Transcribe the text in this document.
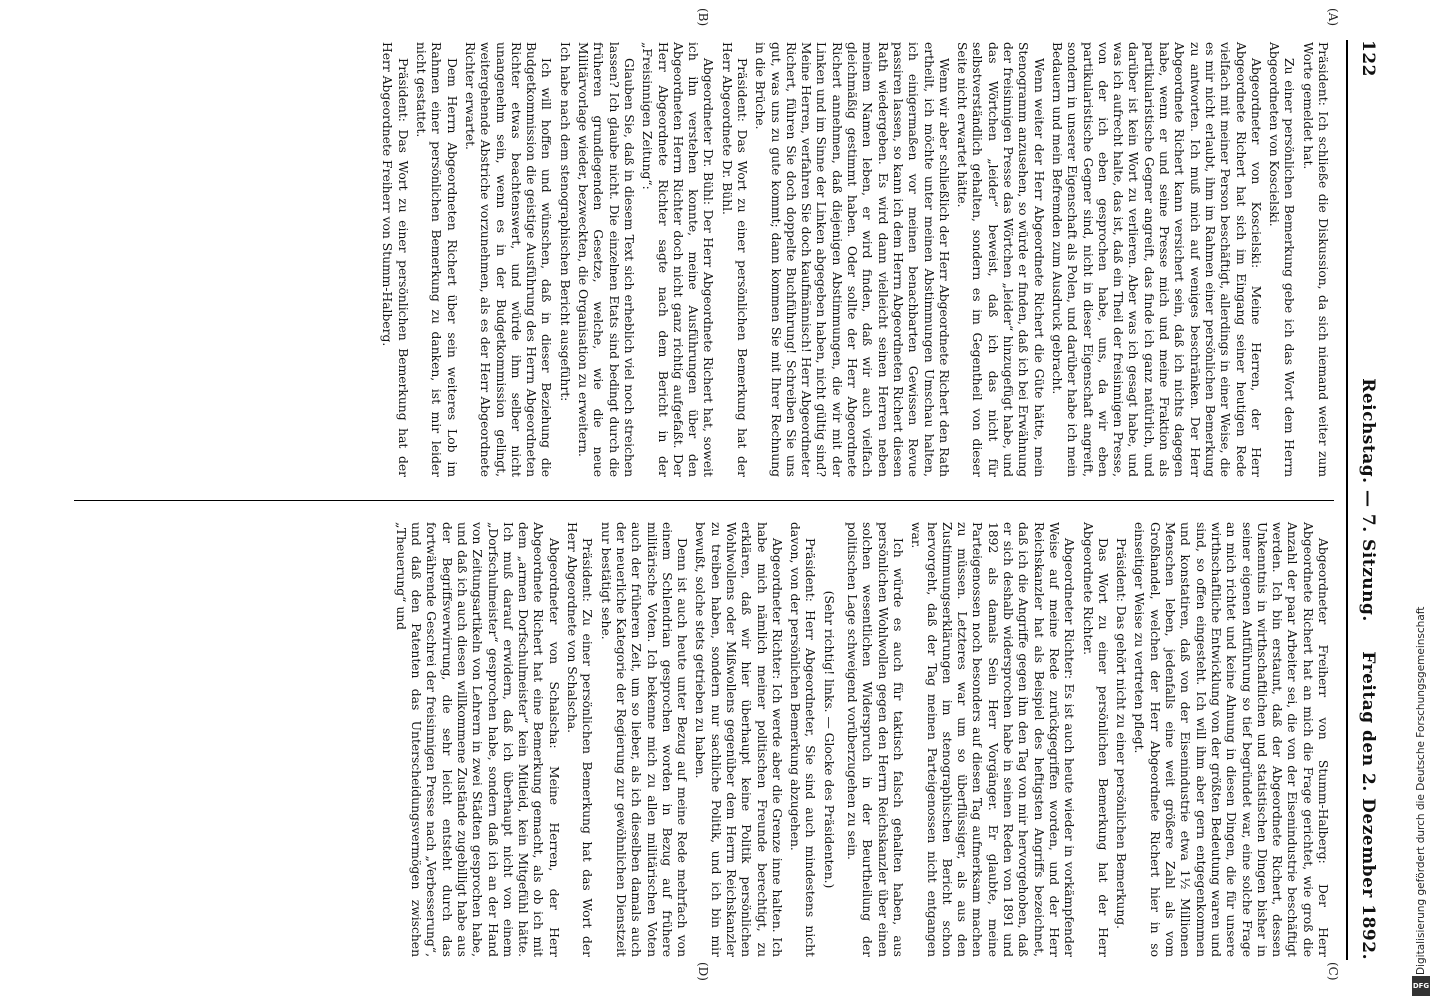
122
Reichstag. — 7. Sitzung.
Freitag den 2. Dezember 1892.
(A)
(B)
(C)
(D)

Präsident: Ich schließe die Diskussion, da sich niemand weiter zum Worte gemeldet hat.

Zu einer persönlichen Bemerkung gebe ich das Wort dem Herrn Abgeordneten von Koscielski.

Abgeordneter von Koscielski: Meine Herren, der Herr Abgeordnete Richert hat sich im Eingang seiner heutigen Rede vielfach mit meiner Person beschäftigt, allerdings in einer Weise, die es mir nicht erlaubt, ihm im Rahmen einer persönlichen Bemerkung zu antworten. Ich muß mich auf weniges beschränken. Der Herr Abgeordnete Richert kann versichert sein, daß ich nichts dagegen habe, wenn er und seine Presse mich und meine Fraktion als partikularistische Gegner angreift, das finde ich ganz natürlich, und darüber ist kein Wort zu verlieren. Aber was ich gesagt habe, und was ich aufrecht halte, das ist, daß ein Theil der freisinnigen Presse, von der ich eben gesprochen habe, uns, da wir eben partikularistische Gegner sind, nicht in dieser Eigenschaft angreift, sondern in unserer Eigenschaft als Polen, und darüber habe ich mein Bedauern und mein Befremden zum Ausdruck gebracht.

Wenn weiter der Herr Abgeordnete Richert die Güte hätte, mein Stenogramm anzusehen, so würde er finden, daß ich bei Erwähnung der freisinnigen Presse das Wörtchen „leider“ hinzugefügt habe, und das Wörtchen „leider“ beweist, daß ich das nicht für selbstverständlich gehalten, sondern es im Gegentheil von dieser Seite nicht erwartet hätte.

Wenn wir aber schließlich der Herr Abgeordnete Richert den Rath ertheilt, ich möchte unter meinen Abstimmungen Umschau halten, ich einigermaßen vor meinen benachbarten Gewissen Revue passiren lassen, so kann ich dem Herrn Abgeordneten Richert diesen Rath wiedergeben. Es wird dann vielleicht seinen Herren neben meinem Namen leben, er wird finden, daß wir auch vielfach gleichmäßig gestimmt haben. Oder sollte der Herr Abgeordnete Richert annehmen, daß diejenigen Abstimmungen, die wir mit der Linken und im Sinne der Linken abgegeben haben, nicht gültig sind? Meine Herren, verfahren Sie doch kaufmännisch! Herr Abgeordneter Richert, führen Sie doch doppelte Buchführung! Schreiben Sie uns gut, was uns zu gute kommt; dann kommen Sie mit Ihrer Rechnung in die Brüche.

Präsident: Das Wort zu einer persönlichen Bemerkung hat der Herr Abgeordnete Dr. Bühl.

Abgeordneter Dr. Bühl: Der Herr Abgeordnete Richert hat, soweit ich ihn verstehen konnte, meine Ausführungen über den Abgeordneten Herrn Richter doch nicht ganz richtig aufgefaßt. Der Herr Abgeordnete Richter sagte nach dem Bericht in der „Freisinnigen Zeitung“:

Glauben Sie, daß in diesem Text sich erheblich viel noch streichen lassen? Ich glaube nicht. Die einzelnen Etats sind bedingt durch die früheren grundlegenden Gesetze, welche, wie die neue Militärvorlage wieder, bezweckten, die Organisation zu erweitern.

Ich habe nach dem stenographischen Bericht ausgeführt:

Ich will hoffen und wünschen, daß in dieser Beziehung die Budgetkommission die geistige Ausführung des Herrn Abgeordneten Richter etwas beachtenswert, und würde ihm selber nicht unangenehm sein, wenn es in der Budgetkommission gelingt, weitergehende Abstriche vorzunehmen, als es der Herr Abgeordnete Richter erwartet.

Dem Herrn Abgeordneten Richert über sein weiteres Lob im Rahmen einer persönlichen Bemerkung zu danken, ist mir leider nicht gestattet.

Präsident: Das Wort zu einer persönlichen Bemerkung hat der Herr Abgeordnete Freiherr von Stumm-Halberg.

Abgeordneter Freiherr von Stumm-Halberg: Der Herr Abgeordnete Richert hat an mich die Frage gerichtet, wie groß die Anzahl der paar Arbeiter sei, die von der Eisenindustrie beschäftigt werden. Ich bin erstaunt, daß der Abgeordnete Richert, dessen Unkenntnis in wirthschaftlichen und statistischen Dingen bisher in seiner eigenen Antführung so tief begründet war, eine solche Frage an mich richtet und keine Ahnung in diesen Dingen, die für unsere wirthschaftliche Entwicklung von der größten Bedeutung waren und sind, so offen eingesteht. Ich will ihm aber gern entgegenkommen und konstatiren, daß von der Eisenindustrie etwa 1½ Millionen Menschen leben, jedenfalls eine weit größere Zahl als vom Großhandel, welchen der Herr Abgeordnete Richert hier in so einseitiger Weise zu vertreten pflegt.

Präsident: Das gehört nicht zu einer persönlichen Bemerkung.

Das Wort zu einer persönlichen Bemerkung hat der Herr Abgeordnete Richter.

Abgeordneter Richter: Es ist auch heute wieder in vorkämpfender Weise auf meine Rede zurückgegriffen worden, und der Herr Reichskanzler hat als Beispiel des heftigsten Angriffs bezeichnet, daß ich die Angriffe gegen ihn den Tag von mir hervorgehoben, daß er sich deshalb widersprochen habe in seinen Reden von 1891 und 1892 als damals Sein Herr Vorgänger. Er glaubte, meine Parteigenossen noch besonders auf diesen Tag aufmerksam machen zu müssen. Letzteres war um so überflüssiger, als aus den Zustimmungserklärungen im stenographischen Bericht schon hervorgeht, daß der Tag meinen Parteigenossen nicht entgangen war.

Ich würde es auch für taktisch falsch gehalten haben, aus persönlichen Wohlwollen gegen den Herrn Reichskanzler über einen solchen wesentlichen Widerspruch in der Beurtheilung der politischen Lage schweigend vorüberzugehen zu sein.

(Sehr richtig! links. — Glocke des Präsidenten.)

Präsident: Herr Abgeordneter, Sie sind auch mindestens nicht davon, von der persönlichen Bemerkung abzugehen.

Abgeordneter Richter: Ich werde aber die Grenze inne halten. Ich habe mich nämlich meiner politischen Freunde berechtigt, zu erklären, daß wir hier überhaupt keine Politik persönlichen Wohlwollens oder Mißwollens gegenüber dem Herrn Reichskanzler zu treiben haben, sondern nur sachliche Politik, und ich bin mir bewußt, solche stets getrieben zu haben.

Denn ist auch heute unter Bezug auf meine Rede mehrfach von einem Schlendrian gesprochen worden in Bezug auf frühere militärische Voten. Ich bekenne mich zu allen militärischen Voten auch der früheren Zeit, um so lieber, als ich dieselben damals auch der neuerliche Kategorie der Regierung zur gewöhnlichen Dienstzeit nur bestätigt sehe.

Präsident: Zu einer persönlichen Bemerkung hat das Wort der Herr Abgeordnete von Schalscha.

Abgeordneter von Schalscha: Meine Herren, der Herr Abgeordnete Richert hat eine Bemerkung gemacht, als ob ich mit dem „armen Dorfschulmeister“ kein Mitleid, kein Mitgefühl hätte. Ich muß darauf erwidern, daß ich überhaupt nicht von einem „Dorfschulmeister“ gesprochen habe, sondern daß ich an der Hand von Zeitungsartikeln von Lehrern in zwei Städten gesprochen habe, und daß ich auch diesen willkommene Zustände zugebilligt habe aus der Begriffsverwirrung, die sehr leicht entsteht durch das fortwährende Geschrei der freisinnigen Presse nach „Verbesserung“, und daß den Patenten das Unterscheidungsvermögen zwischen „Theuerung“ und

Digitalisierung gefördert durch die Deutsche Forschungsgemeinschaft
DFG
